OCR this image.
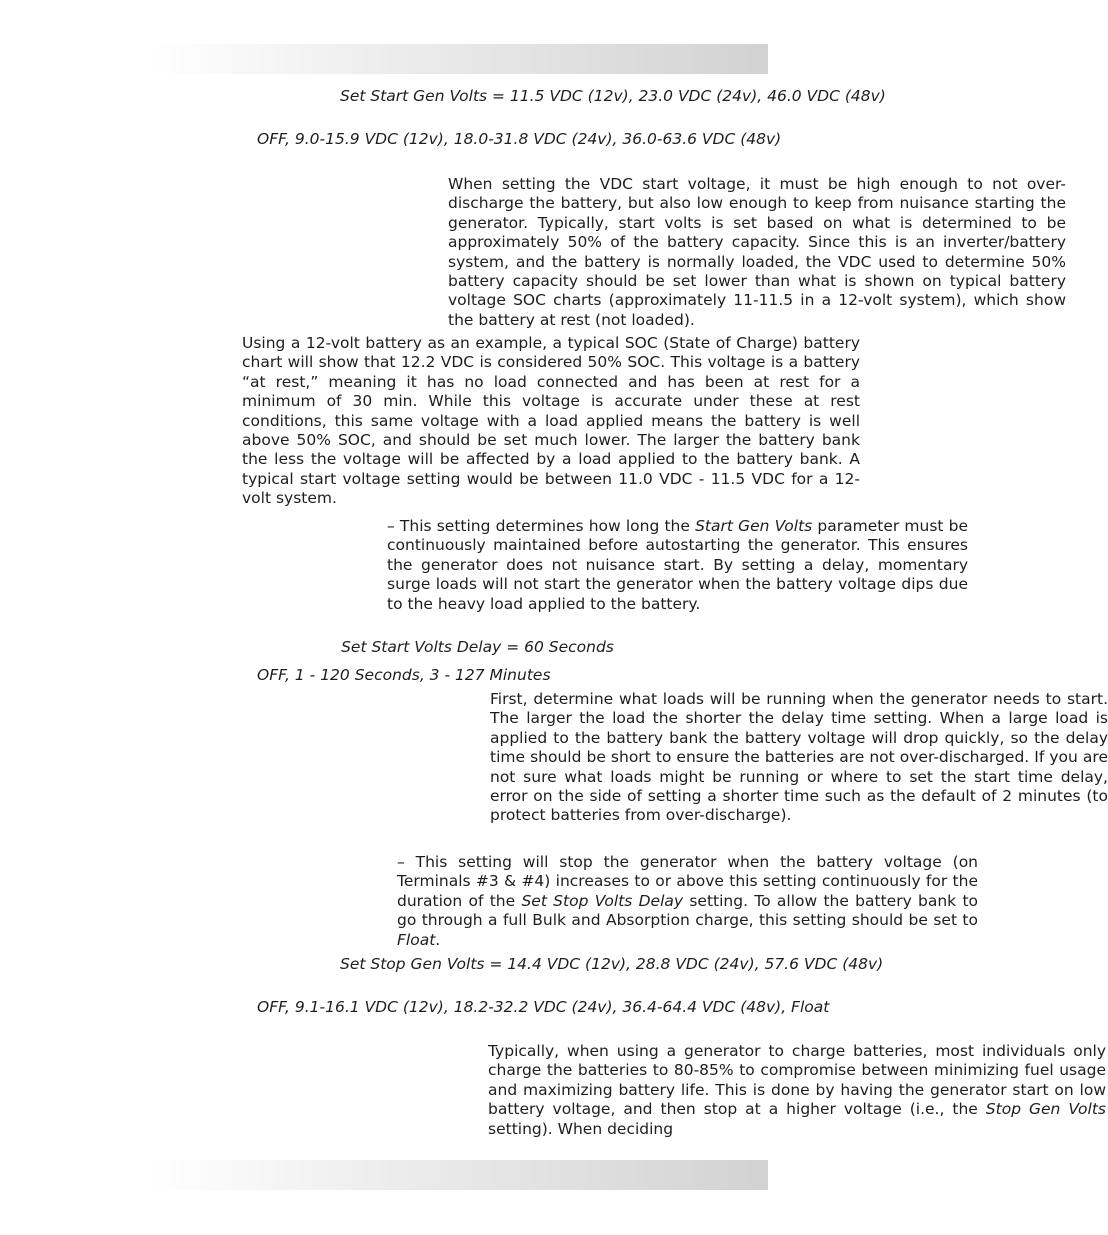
Set Start Gen Volts = 11.5 VDC (12v), 23.0 VDC (24v), 46.0 VDC (48v)

OFF, 9.0-15.9 VDC (12v), 18.0-31.8 VDC (24v), 36.0-63.6 VDC (48v)

When setting the VDC start voltage, it must be high enough to not over-discharge the battery, but also low enough to keep from nuisance starting the generator. Typically, start volts is set based on what is determined to be approximately 50% of the battery capacity. Since this is an inverter/battery system, and the battery is normally loaded, the VDC used to determine 50% battery capacity should be set lower than what is shown on typical battery voltage SOC charts (approximately 11-11.5 in a 12-volt system), which show the battery at rest (not loaded).

Using a 12-volt battery as an example, a typical SOC (State of Charge) battery chart will show that 12.2 VDC is considered 50% SOC. This voltage is a battery “at rest,” meaning it has no load connected and has been at rest for a minimum of 30 min. While this voltage is accurate under these at rest conditions, this same voltage with a load applied means the battery is well above 50% SOC, and should be set much lower. The larger the battery bank the less the voltage will be affected by a load applied to the battery bank. A typical start voltage setting would be between 11.0 VDC - 11.5 VDC for a 12-volt system.

– This setting determines how long the Start Gen Volts parameter must be continuously maintained before autostarting the generator. This ensures the generator does not nuisance start. By setting a delay, momentary surge loads will not start the generator when the battery voltage dips due to the heavy load applied to the battery.

Set Start Volts Delay = 60 Seconds

OFF, 1 - 120 Seconds, 3 - 127 Minutes

First, determine what loads will be running when the generator needs to start. The larger the load the shorter the delay time setting. When a large load is applied to the battery bank the battery voltage will drop quickly, so the delay time should be short to ensure the batteries are not over-discharged. If you are not sure what loads might be running or where to set the start time delay, error on the side of setting a shorter time such as the default of 2 minutes (to protect batteries from over-discharge).

– This setting will stop the generator when the battery voltage (on Terminals #3 & #4) increases to or above this setting continuously for the duration of the Set Stop Volts Delay setting. To allow the battery bank to go through a full Bulk and Absorption charge, this setting should be set to Float.

Set Stop Gen Volts = 14.4 VDC (12v), 28.8 VDC (24v), 57.6 VDC (48v)

OFF, 9.1-16.1 VDC (12v), 18.2-32.2 VDC (24v), 36.4-64.4 VDC (48v), Float

Typically, when using a generator to charge batteries, most individuals only charge the batteries to 80-85% to compromise between minimizing fuel usage and maximizing battery life. This is done by having the generator start on low battery voltage, and then stop at a higher voltage (i.e., the Stop Gen Volts setting). When deciding
